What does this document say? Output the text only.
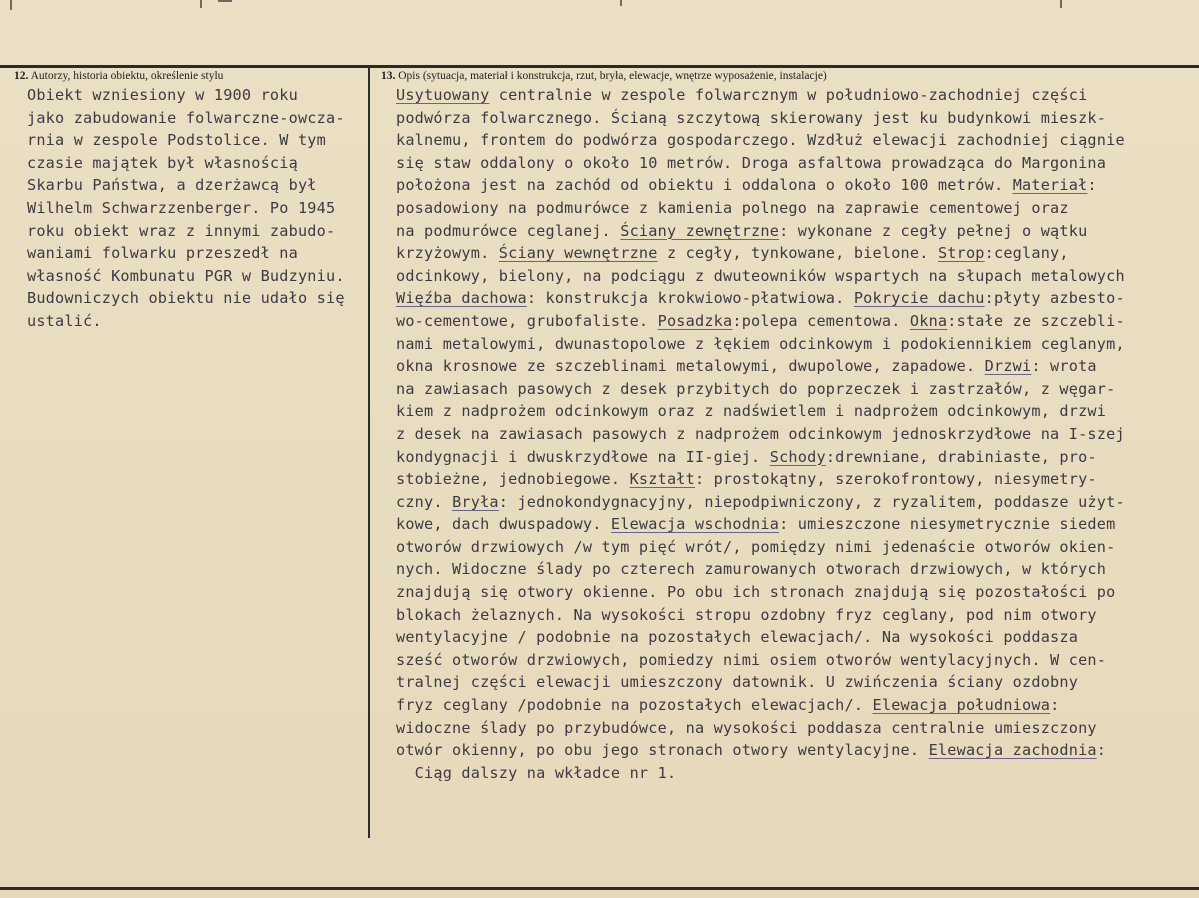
12. Autorzy, historia obiektu, określenie stylu	13. Opis (sytuacja, materiał i konstrukcja, rzut, bryła, elewacje, wnętrze wyposażenie, instalacje)
Obiekt wzniesiony w 1900 roku
jako zabudowanie folwarczne-owcza-
rnia w zespole Podstolice. W tym
czasie majątek był własnością
Skarbu Państwa, a dzerżawcą był
Wilhelm Schwarzzenberger. Po 1945
roku obiekt wraz z innymi zabudo-
waniami folwarku przeszedł na
własność Kombunatu PGR w Budzyniu.
Budowniczych obiektu nie udało się
ustalić.
Usytuowany centralnie w zespole folwarcznym w południowo-zachodniej części
podwórza folwarcznego. Ścianą szczytową skierowany jest ku budynkowi mieszk-
kalnemu, frontem do podwórza gospodarczego. Wzdłuż elewacji zachodniej ciągnie
się staw oddalony o około 10 metrów. Droga asfaltowa prowadząca do Margonina
położona jest na zachód od obiektu i oddalona o około 100 metrów. Materiał:
posadowiony na podmurówce z kamienia polnego na zaprawie cementowej oraz
na podmurówce ceglanej. Ściany zewnętrzne: wykonane z cegły pełnej o wątku
krzyżowym. Ściany wewnętrzne z cegły, tynkowane, bielone. Strop:ceglany,
odcinkowy, bielony, na podciągu z dwuteowników wspartych na słupach metalowych
Więźba dachowa: konstrukcja krokwiowo-płatwiowa. Pokrycie dachu:płyty azbesto-
wo-cementowe, grubofaliste. Posadzka:polepa cementowa. Okna:stałe ze szczebli-
nami metalowymi, dwunastopolowe z łękiem odcinkowym i podokiennikiem ceglanym,
okna krosnowe ze szczeblinami metalowymi, dwupolowe, zapadowe. Drzwi: wrota
na zawiasach pasowych z desek przybitych do poprzeczek i zastrzałów, z węgar-
kiem z nadprożem odcinkowym oraz z nadświetlem i nadprożem odcinkowym, drzwi
z desek na zawiasach pasowych z nadprożem odcinkowym jednoskrzydłowe na I-szej
kondygnacji i dwuskrzydłowe na II-giej. Schody:drewniane, drabiniaste, pro-
stobieżne, jednobiegowe. Kształt: prostokątny, szerokofrontowy, niesymetry-
czny. Bryła: jednokondygnacyjny, niepodpiwniczony, z ryzalitem, poddasze użyt-
kowe, dach dwuspadowy. Elewacja wschodnia: umieszczone niesymetrycznie siedem
otworów drzwiowych /w tym pięć wrót/, pomiędzy nimi jedenaście otworów okien-
nych. Widoczne ślady po czterech zamurowanych otworach drzwiowych, w których
znajdują się otwory okienne. Po obu ich stronach znajdują się pozostałości po
blokach żelaznych. Na wysokości stropu ozdobny fryz ceglany, pod nim otwory
wentylacyjne / podobnie na pozostałych elewacjach/. Na wysokości poddasza
sześć otworów drzwiowych, pomiedzy nimi osiem otworów wentylacyjnych. W cen-
tralnej części elewacji umieszczony datownik. U zwińczenia ściany ozdobny
fryz ceglany /podobnie na pozostałych elewacjach/. Elewacja południowa:
widoczne ślady po przybudówce, na wysokości poddasza centralnie umieszczony
otwór okienny, po obu jego stronach otwory wentylacyjne. Elewacja zachodnia:
Ciąg dalszy na wkładce nr 1.
